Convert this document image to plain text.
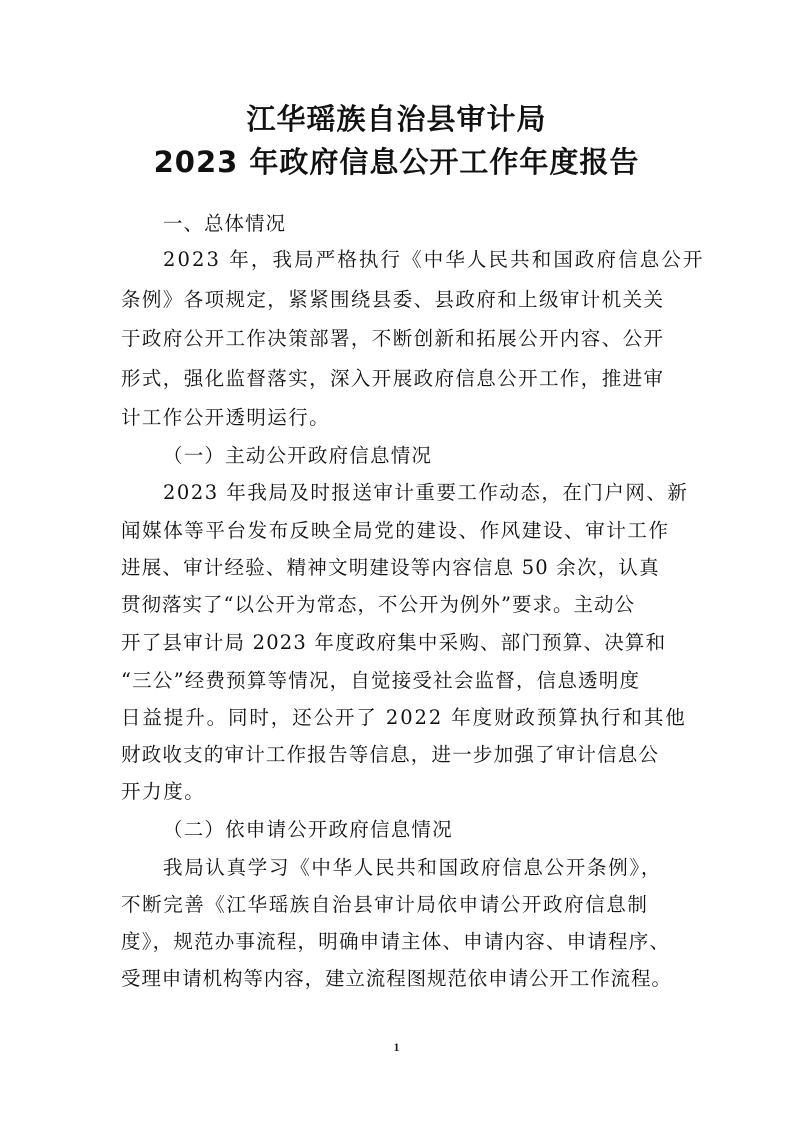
江华瑶族自治县审计局
2023 年政府信息公开工作年度报告
一、总体情况
2023 年，我局严格执行《中华人民共和国政府信息公开
条例》各项规定，紧紧围绕县委、县政府和上级审计机关关
于政府公开工作决策部署，不断创新和拓展公开内容、公开
形式，强化监督落实，深入开展政府信息公开工作，推进审
计工作公开透明运行。
（一）主动公开政府信息情况
2023 年我局及时报送审计重要工作动态，在门户网、新
闻媒体等平台发布反映全局党的建设、作风建设、审计工作
进展、审计经验、精神文明建设等内容信息 50 余次，认真
贯彻落实了“以公开为常态，不公开为例外”要求。主动公
开了县审计局 2023 年度政府集中采购、部门预算、决算和
“三公”经费预算等情况，自觉接受社会监督，信息透明度
日益提升。同时，还公开了 2022 年度财政预算执行和其他
财政收支的审计工作报告等信息，进一步加强了审计信息公
开力度。
（二）依申请公开政府信息情况
我局认真学习《中华人民共和国政府信息公开条例》，
不断完善《江华瑶族自治县审计局依申请公开政府信息制
度》，规范办事流程，明确申请主体、申请内容、申请程序、
受理申请机构等内容，建立流程图规范依申请公开工作流程。
1
